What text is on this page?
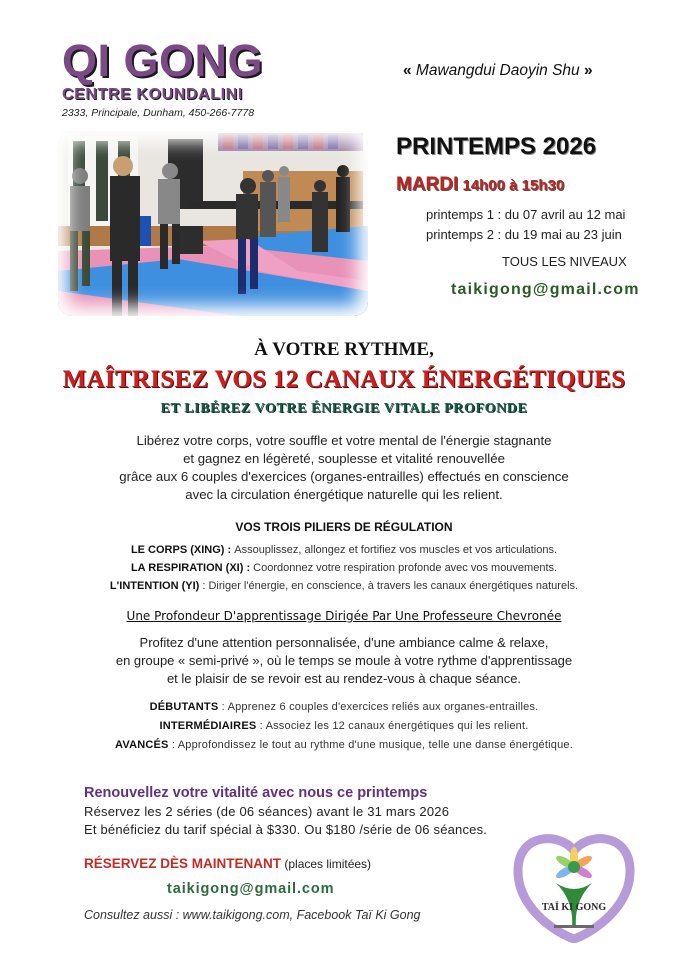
QI GONG
CENTRE KOUNDALINI
2333, Principale, Dunham, 450-266-7778
« Mawangdui Daoyin Shu »
PRINTEMPS 2026
MARDI 14h00 à 15h30
printemps 1 : du 07 avril au 12 mai
printemps 2 : du 19 mai au 23 juin
TOUS LES NIVEAUX
taikigong@gmail.com
À VOTRE RYTHME,
MAÎTRISEZ VOS 12 CANAUX ÉNERGÉTIQUES
ET LIBÉREZ VOTRE ÉNERGIE VITALE PROFONDE
Libérez votre corps, votre souffle et votre mental de l'énergie stagnante
et gagnez en légèreté, souplesse et vitalité renouvellée
grâce aux 6 couples d'exercices (organes-entrailles) effectués en conscience
avec la circulation énergétique naturelle qui les relient.
VOS TROIS PILIERS DE RÉGULATION
LE CORPS (XING) : Assouplissez, allongez et fortifiez vos muscles et vos articulations.
LA RESPIRATION (XI) : Coordonnez votre respiration profonde avec vos mouvements.
L'INTENTION (YI) : Diriger l'énergie, en conscience, à travers les canaux énergétiques naturels.
Une Profondeur D'apprentissage Dirigée Par Une Professeure Chevronée
Profitez d'une attention personnalisée, d'une ambiance calme & relaxe,
en groupe « semi-privé », où le temps se moule à votre rythme d'apprentissage
et le plaisir de se revoir est au rendez-vous à chaque séance.
DÉBUTANTS : Apprenez 6 couples d'exercices reliés aux organes-entrailles.
INTERMÉDIAIRES : Associez les 12 canaux énergétiques qui les relient.
AVANCÉS : Approfondissez le tout au rythme d'une musique, telle une danse énergétique.
Renouvellez votre vitalité avec nous ce printemps
Réservez les 2 séries (de 06 séances) avant le 31 mars 2026
Et bénéficiez du tarif spécial à $330. Ou $180 /série de 06 séances.
RÉSERVEZ DÈS MAINTENANT (places limitées)
taikigong@gmail.com
Consultez aussi : www.taikigong.com, Facebook Taï Ki Gong
TAÏ KI GONG
